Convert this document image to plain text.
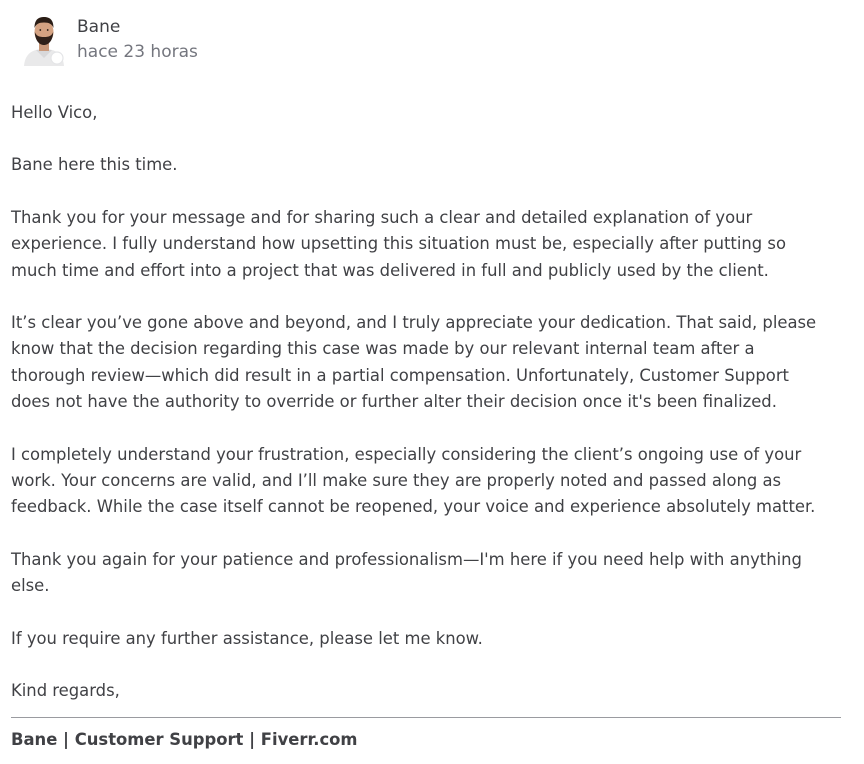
Bane
hace 23 horas

Hello Vico,

Bane here this time.

Thank you for your message and for sharing such a clear and detailed explanation of your
experience. I fully understand how upsetting this situation must be, especially after putting so
much time and effort into a project that was delivered in full and publicly used by the client.

It’s clear you’ve gone above and beyond, and I truly appreciate your dedication. That said, please
know that the decision regarding this case was made by our relevant internal team after a
thorough review—which did result in a partial compensation. Unfortunately, Customer Support
does not have the authority to override or further alter their decision once it's been finalized.

I completely understand your frustration, especially considering the client’s ongoing use of your
work. Your concerns are valid, and I’ll make sure they are properly noted and passed along as
feedback. While the case itself cannot be reopened, your voice and experience absolutely matter.

Thank you again for your patience and professionalism—I'm here if you need help with anything
else.

If you require any further assistance, please let me know.

Kind regards,

Bane | Customer Support | Fiverr.com
